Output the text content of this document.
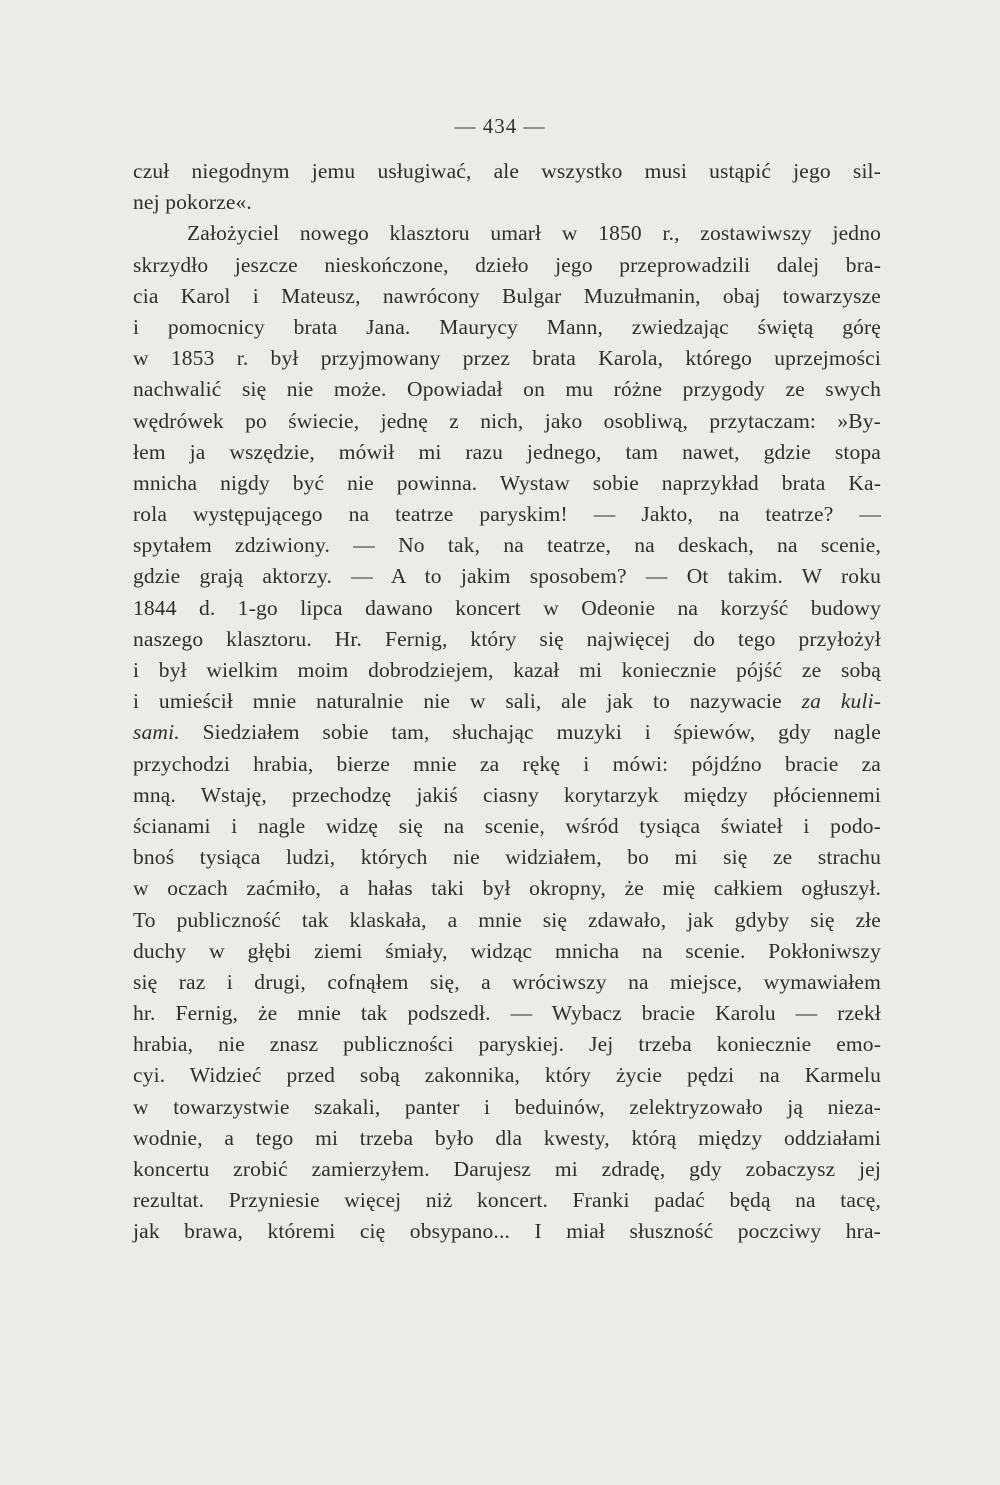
— 434 —
czuł niegodnym jemu usługiwać, ale wszystko musi ustąpić jego sil-
nej pokorze«.
Założyciel nowego klasztoru umarł w 1850 r., zostawiwszy jedno
skrzydło jeszcze nieskończone, dzieło jego przeprowadzili dalej bra-
cia Karol i Mateusz, nawrócony Bulgar Muzułmanin, obaj towarzysze
i pomocnicy brata Jana. Maurycy Mann, zwiedzając świętą górę
w 1853 r. był przyjmowany przez brata Karola, którego uprzejmości
nachwalić się nie może. Opowiadał on mu różne przygody ze swych
wędrówek po świecie, jednę z nich, jako osobliwą, przytaczam: »By-
łem ja wszędzie, mówił mi razu jednego, tam nawet, gdzie stopa
mnicha nigdy być nie powinna. Wystaw sobie naprzykład brata Ka-
rola występującego na teatrze paryskim! — Jakto, na teatrze? —
spytałem zdziwiony. — No tak, na teatrze, na deskach, na scenie,
gdzie grają aktorzy. — A to jakim sposobem? — Ot takim. W roku
1844 d. 1-go lipca dawano koncert w Odeonie na korzyść budowy
naszego klasztoru. Hr. Fernig, który się najwięcej do tego przyłożył
i był wielkim moim dobrodziejem, kazał mi koniecznie pójść ze sobą
i umieścił mnie naturalnie nie w sali, ale jak to nazywacie za kuli-
sami. Siedziałem sobie tam, słuchając muzyki i śpiewów, gdy nagle
przychodzi hrabia, bierze mnie za rękę i mówi: pójdźno bracie za
mną. Wstaję, przechodzę jakiś ciasny korytarzyk między płóciennemi
ścianami i nagle widzę się na scenie, wśród tysiąca świateł i podo-
bnoś tysiąca ludzi, których nie widziałem, bo mi się ze strachu
w oczach zaćmiło, a hałas taki był okropny, że mię całkiem ogłuszył.
To publiczność tak klaskała, a mnie się zdawało, jak gdyby się złe
duchy w głębi ziemi śmiały, widząc mnicha na scenie. Pokłoniwszy
się raz i drugi, cofnąłem się, a wróciwszy na miejsce, wymawiałem
hr. Fernig, że mnie tak podszedł. — Wybacz bracie Karolu — rzekł
hrabia, nie znasz publiczności paryskiej. Jej trzeba koniecznie emo-
cyi. Widzieć przed sobą zakonnika, który życie pędzi na Karmelu
w towarzystwie szakali, panter i beduinów, zelektryzowało ją nieza-
wodnie, a tego mi trzeba było dla kwesty, którą między oddziałami
koncertu zrobić zamierzyłem. Darujesz mi zdradę, gdy zobaczysz jej
rezultat. Przyniesie więcej niż koncert. Franki padać będą na tacę,
jak brawa, któremi cię obsypano... I miał słuszność poczciwy hra-
